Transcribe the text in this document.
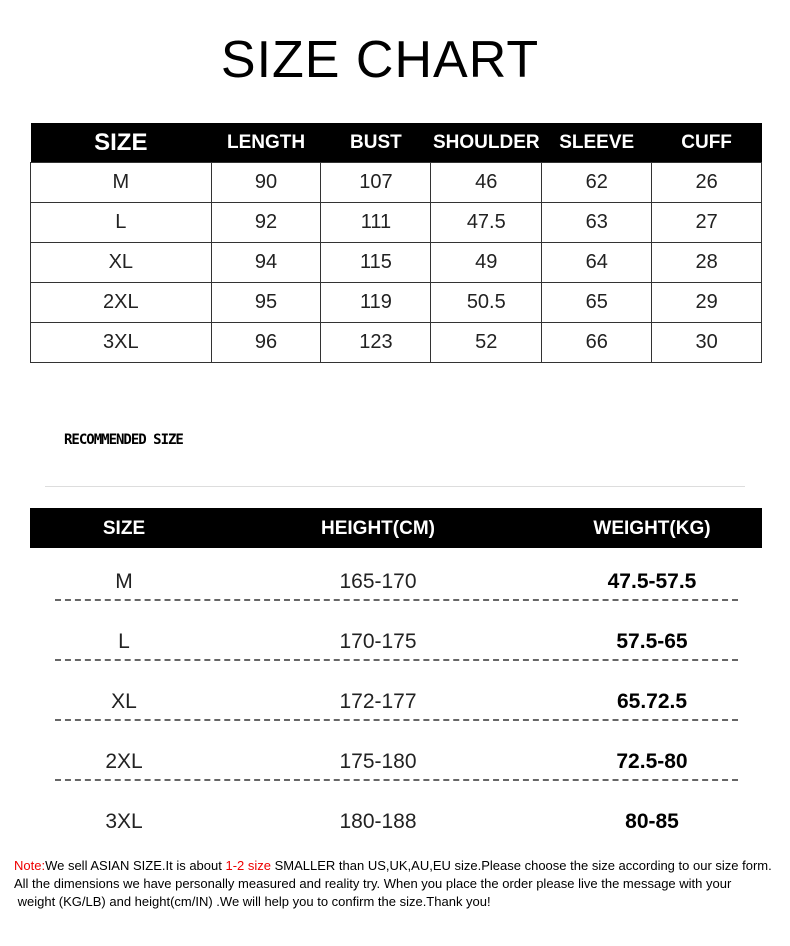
SIZE CHART
SIZE	LENGTH	BUST	SHOULDER	SLEEVE	CUFF
M	90	107	46	62	26
L	92	111	47.5	63	27
XL	94	115	49	64	28
2XL	95	119	50.5	65	29
3XL	96	123	52	66	30
RECOMMENDED SIZE
SIZE	HEIGHT(CM)	WEIGHT(KG)
M	165-170	47.5-57.5
L	170-175	57.5-65
XL	172-177	65.72.5
2XL	175-180	72.5-80
3XL	180-188	80-85
Note:We sell ASIAN SIZE.It is about 1-2 size SMALLER than US,UK,AU,EU size.Please choose the size according to our size form.
All the dimensions we have personally measured and reality try. When you place the order please live the message with your
weight (KG/LB) and height(cm/IN) .We will help you to confirm the size.Thank you!
